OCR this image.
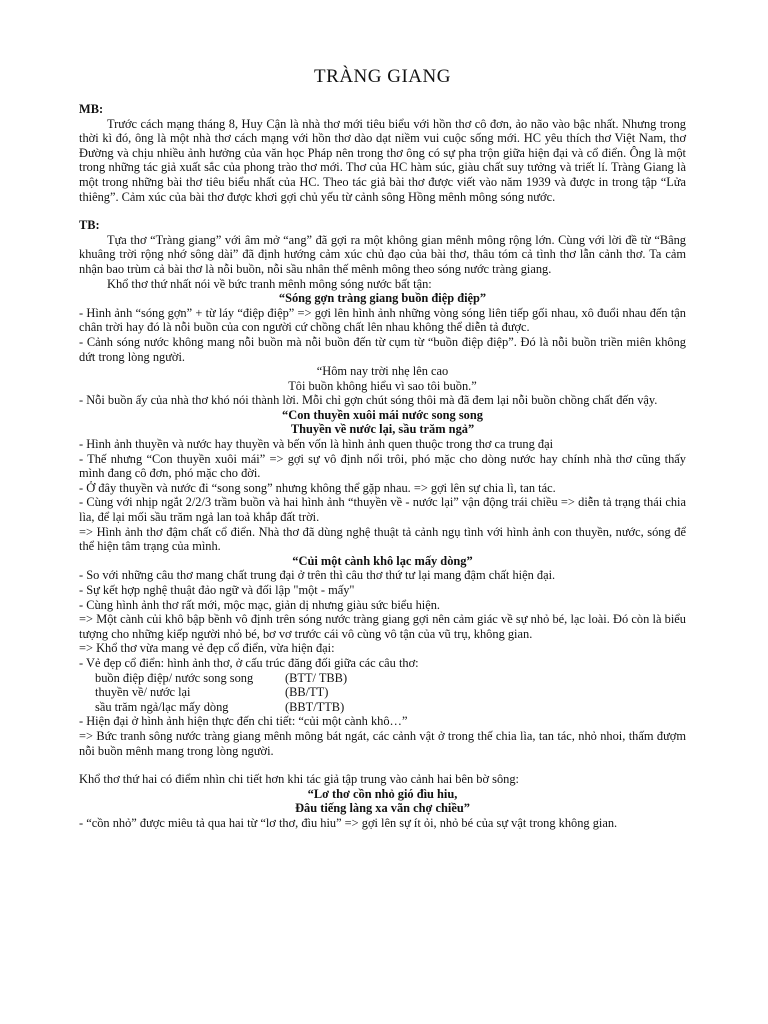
TRÀNG GIANG
MB:

Trước cách mạng tháng 8, Huy Cận là nhà thơ mới tiêu biểu với hồn thơ cô đơn, ảo não vào bậc nhất. Nhưng trong thời kì đó, ông là một nhà thơ cách mạng với hồn thơ dào dạt niềm vui cuộc sống mới. HC yêu thích thơ Việt Nam, thơ Đường và chịu nhiều ảnh hưởng của văn học Pháp nên trong thơ ông có sự pha trộn giữa hiện đại và cổ điển. Ông là một trong những tác giả xuất sắc của phong trào thơ mới. Thơ của HC hàm súc, giàu chất suy tưởng và triết lí. Tràng Giang là một trong những bài thơ tiêu biểu nhất của HC. Theo tác giả bài thơ được viết vào năm 1939 và được in trong tập “Lửa thiêng”. Cảm xúc của bài thơ được khơi gợi chủ yếu từ cảnh sông Hồng mênh mông sóng nước.

TB:

Tựa thơ “Tràng giang” với âm mở “ang” đã gợi ra một không gian mênh mông rộng lớn. Cùng với lời đề từ “Bâng khuâng trời rộng nhớ sông dài” đã định hướng cảm xúc chủ đạo của bài thơ, thâu tóm cả tình thơ lẫn cảnh thơ. Ta cảm nhận bao trùm cả bài thơ là nỗi buồn, nỗi sầu nhân thế mênh mông theo sóng nước tràng giang.

Khổ thơ thứ nhất nói về bức tranh mênh mông sóng nước bất tận:

“Sóng gợn tràng giang buồn điệp điệp”

- Hình ảnh “sóng gợn” + từ láy “điệp điệp” => gợi lên hình ảnh những vòng sóng liên tiếp gối nhau, xô đuổi nhau đến tận chân trời hay đó là nỗi buồn của con người cứ chồng chất lên nhau không thể diễn tả được.

- Cảnh sóng nước không mang nỗi buồn mà nỗi buồn đến từ cụm từ “buồn điệp điệp”. Đó là nỗi buồn triền miên không dứt trong lòng người.

“Hôm nay trời nhẹ lên cao

Tôi buồn không hiểu vì sao tôi buồn.”

- Nỗi buồn ấy của nhà thơ khó nói thành lời. Mỗi chỉ gợn chút sóng thôi mà đã đem lại nỗi buồn chồng chất đến vậy.

“Con thuyền xuôi mái nước song song

Thuyền về nước lại, sầu trăm ngả”

- Hình ảnh thuyền và nước hay thuyền và bến vốn là hình ảnh quen thuộc trong thơ ca trung đại

- Thế nhưng “Con thuyền xuôi mái” => gợi sự vô định nổi trôi, phó mặc cho dòng nước hay chính nhà thơ cũng thấy mình đang cô đơn, phó mặc cho đời.

- Ở đây thuyền và nước đi “song song” nhưng không thể gặp nhau. => gợi lên sự chia lì, tan tác.

- Cùng với nhịp ngắt 2/2/3 trầm buồn và hai hình ảnh “thuyền về - nước lại” vận động trái chiều => diễn tả trạng thái chia lìa, để lại mối sầu trăm ngả lan toả khắp đất trời.

=> Hình ảnh thơ đậm chất cổ điển. Nhà thơ đã dùng nghệ thuật tả cảnh ngụ tình với hình ảnh con thuyền, nước, sóng để thể hiện tâm trạng của mình.

“Củi một cành khô lạc mấy dòng”

- So với những câu thơ mang chất trung đại ở trên thì câu thơ thứ tư lại mang đậm chất hiện đại.

- Sự kết hợp nghệ thuật đảo ngữ và đối lập "một - mấy"

- Cùng hình ảnh thơ rất mới, mộc mạc, giản dị nhưng giàu sức biểu hiện.

=> Một cành củi khô bập bềnh vô định trên sóng nước tràng giang gợi nên cảm giác về sự nhỏ bé, lạc loài. Đó còn là biểu tượng cho những kiếp người nhỏ bé, bơ vơ trước cái vô cùng vô tận của vũ trụ, không gian.

=> Khổ thơ vừa mang vẻ đẹp cổ điển, vừa hiện đại:

- Vẻ đẹp cổ điển: hình ảnh thơ, ở cấu trúc đăng đối giữa các câu thơ:

buồn điệp điệp/ nước song song	(BTT/ TBB)
thuyền về/ nước lại	(BB/TT)
sầu trăm ngả/lạc mấy dòng	(BBT/TTB)

- Hiện đại ở hình ảnh hiện thực đến chi tiết: “củi một cành khô…”

=> Bức tranh sông nước tràng giang mênh mông bát ngát, các cảnh vật ở trong thế chia lìa, tan tác, nhỏ nhoi, thấm đượm nỗi buồn mênh mang trong lòng người.

Khổ thơ thứ hai có điểm nhìn chi tiết hơn khi tác giả tập trung vào cảnh hai bên bờ sông:

“Lơ thơ cồn nhỏ gió đìu hiu,

Đâu tiếng làng xa vãn chợ chiều”

- “cồn nhỏ” được miêu tả qua hai từ “lơ thơ, đìu hiu” => gợi lên sự ít ỏi, nhỏ bé của sự vật trong không gian.
